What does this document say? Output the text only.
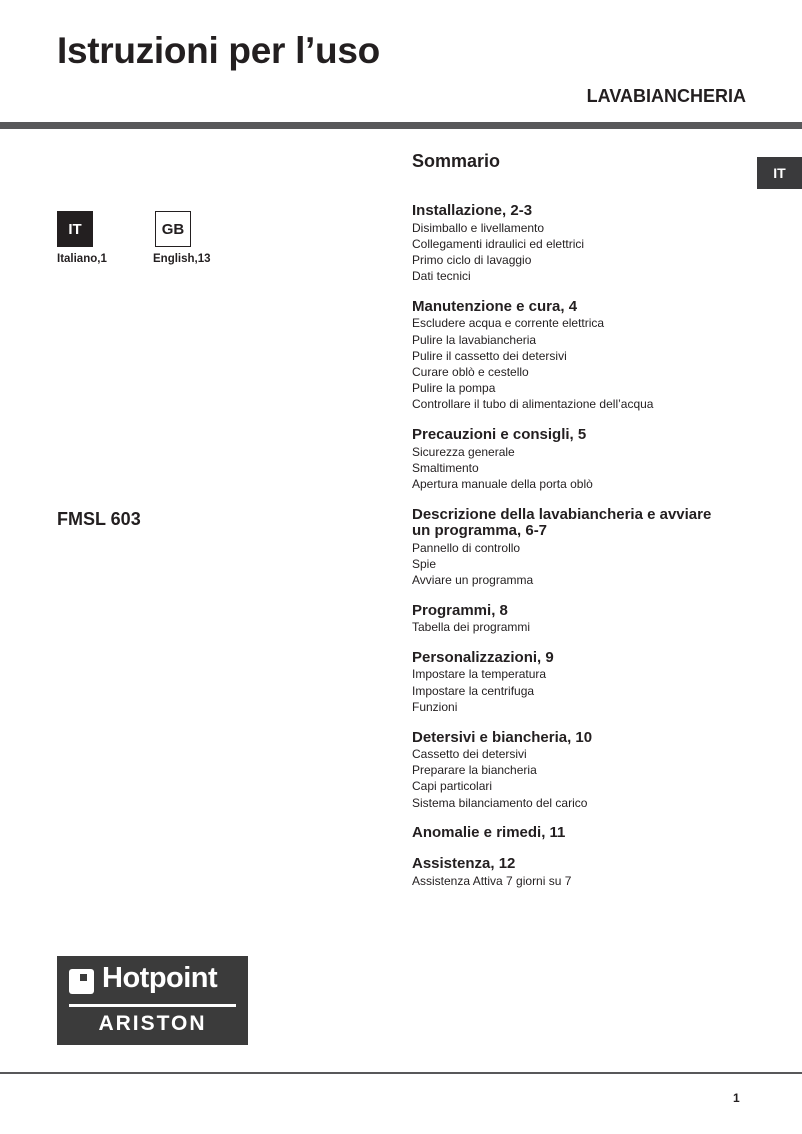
Istruzioni per l’uso
LAVABIANCHERIA
IT
IT	GB
Italiano,1	English,13
FMSL 603
Sommario
Installazione, 2-3
Disimballo e livellamento
Collegamenti idraulici ed elettrici
Primo ciclo di lavaggio
Dati tecnici
Manutenzione e cura, 4
Escludere acqua e corrente elettrica
Pulire la lavabiancheria
Pulire il cassetto dei detersivi
Curare oblò e cestello
Pulire la pompa
Controllare il tubo di alimentazione dell’acqua
Precauzioni e consigli, 5
Sicurezza generale
Smaltimento
Apertura manuale della porta oblò
Descrizione della lavabiancheria e avviare un programma, 6-7
Pannello di controllo
Spie
Avviare un programma
Programmi, 8
Tabella dei programmi
Personalizzazioni, 9
Impostare la temperatura
Impostare la centrifuga
Funzioni
Detersivi e biancheria, 10
Cassetto dei detersivi
Preparare la biancheria
Capi particolari
Sistema bilanciamento del carico
Anomalie e rimedi, 11
Assistenza, 12
Assistenza Attiva 7 giorni su 7
Hotpoint
ARISTON
1
